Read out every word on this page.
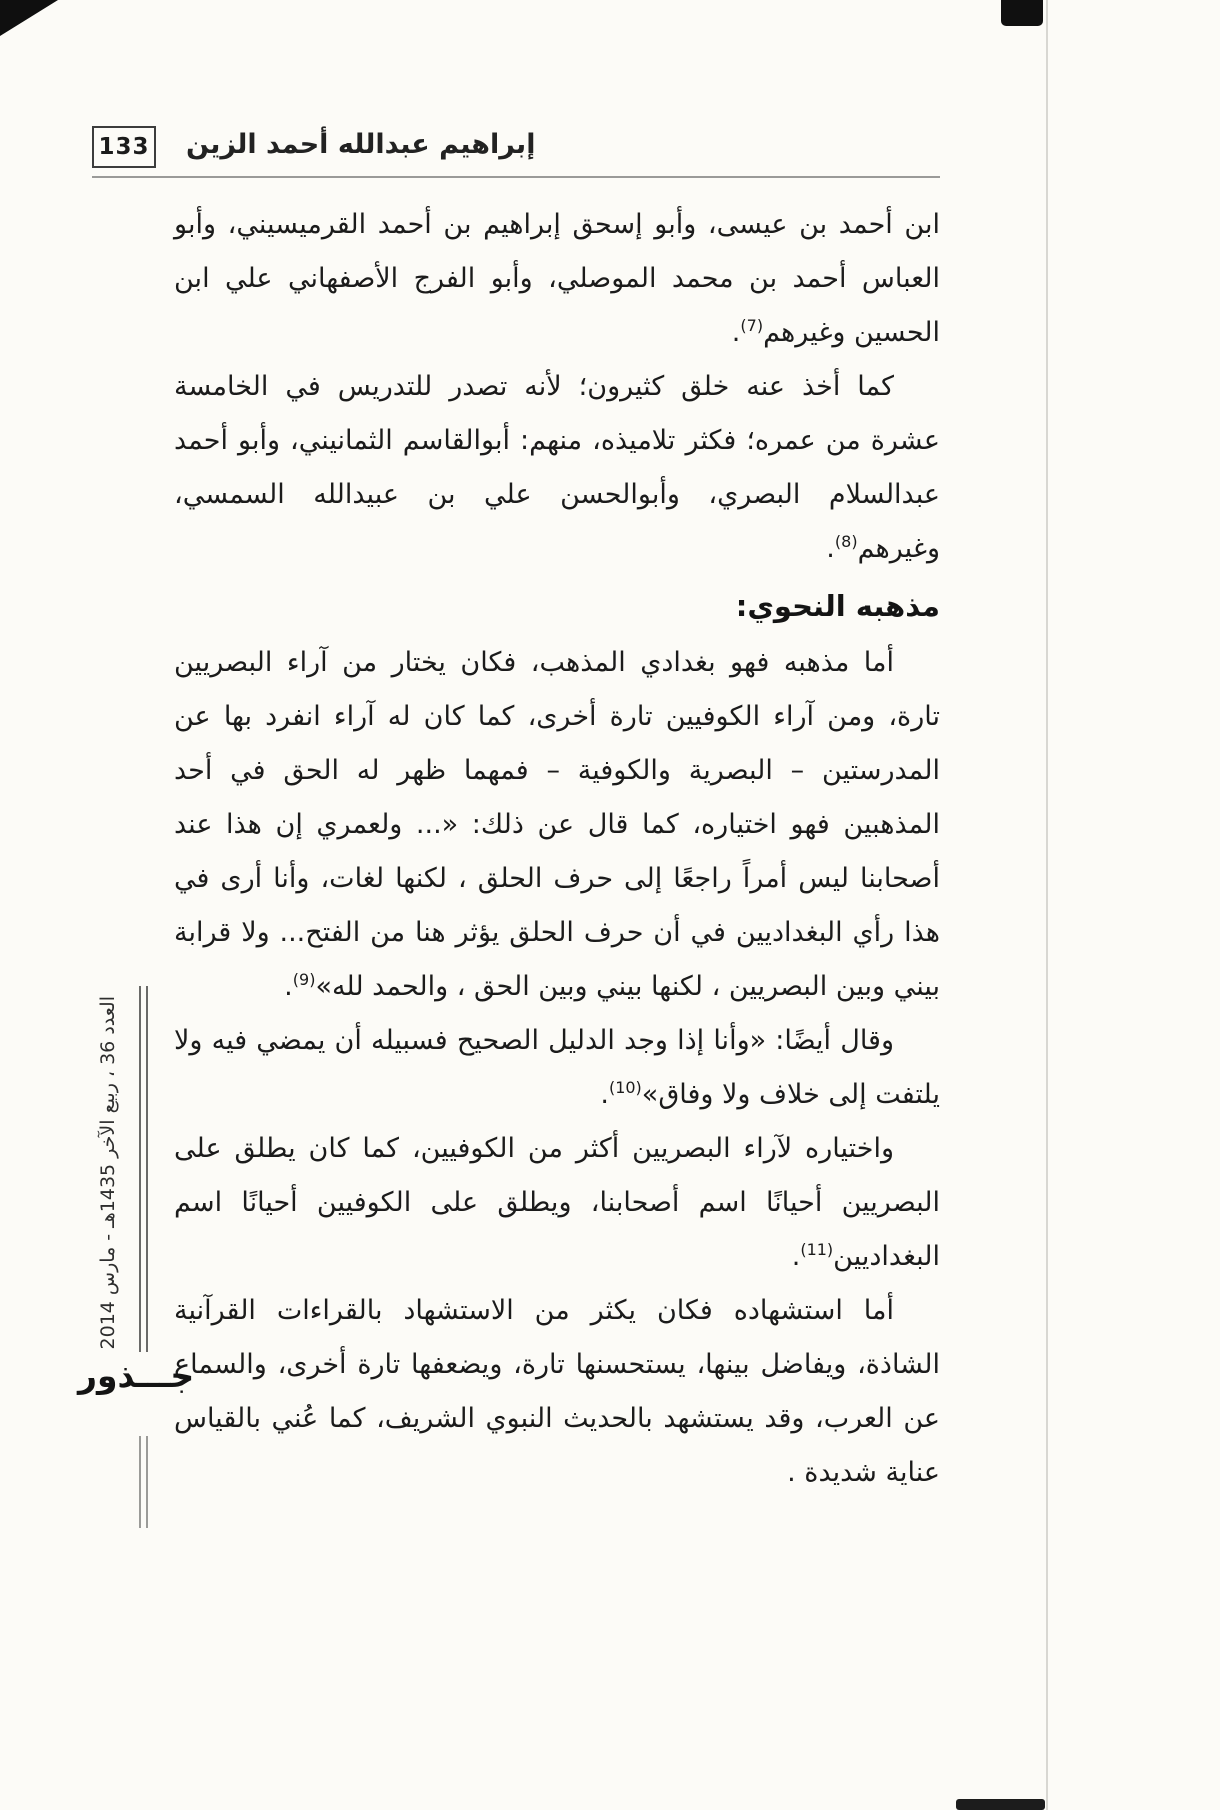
133 إبراهيم عبدالله أحمد الزين

ابن أحمد بن عيسى، وأبو إسحق إبراهيم بن أحمد القرميسيني، وأبو العباس أحمد بن محمد الموصلي، وأبو الفرج الأصفهاني علي ابن الحسين وغيرهم$^{(7)}$.

كما أخذ عنه خلق كثيرون؛ لأنه تصدر للتدريس في الخامسة عشرة من عمره؛ فكثر تلاميذه، منهم: أبوالقاسم الثمانيني، وأبو أحمد عبدالسلام البصري، وأبوالحسن علي بن عبيدالله السمسي، وغيرهم$^{(8)}$.

مذهبه النحوي:

أما مذهبه فهو بغدادي المذهب، فكان يختار من آراء البصريين تارة، ومن آراء الكوفيين تارة أخرى، كما كان له آراء انفرد بها عن المدرستين – البصرية والكوفية – فمهما ظهر له الحق في أحد المذهبين فهو اختياره، كما قال عن ذلك: «... ولعمري إن هذا عند أصحابنا ليس أمراً راجعًا إلى حرف الحلق ، لكنها لغات، وأنا أرى في هذا رأي البغداديين في أن حرف الحلق يؤثر هنا من الفتح... ولا قرابة بيني وبين البصريين ، لكنها بيني وبين الحق ، والحمد لله»$^{(9)}$.

وقال أيضًا: «وأنا إذا وجد الدليل الصحيح فسبيله أن يمضي فيه ولا يلتفت إلى خلاف ولا وفاق»$^{(10)}$.

واختياره لآراء البصريين أكثر من الكوفيين، كما كان يطلق على البصريين أحيانًا اسم أصحابنا، ويطلق على الكوفيين أحيانًا اسم البغداديين$^{(11)}$.

أما استشهاده فكان يكثر من الاستشهاد بالقراءات القرآنية الشاذة، ويفاضل بينها، يستحسنها تارة، ويضعفها تارة أخرى، والسماع عن العرب، وقد يستشهد بالحديث النبوي الشريف، كما عُني بالقياس عناية شديدة .

العدد 36 ، ربيع الآخر 1435هـ - مارس 2014
جـــذور
